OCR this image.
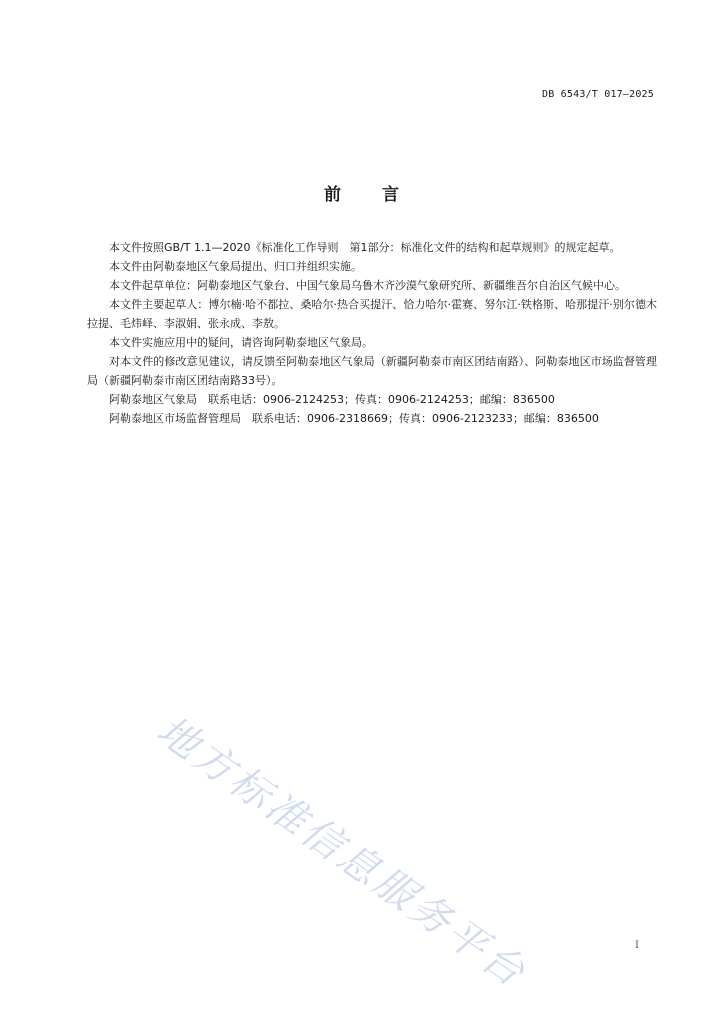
DB 6543/T 017—2025
前 言

本文件按照GB/T 1.1—2020《标准化工作导则　第1部分：标准化文件的结构和起草规则》的规定起草。

本文件由阿勒泰地区气象局提出、归口并组织实施。

本文件起草单位：阿勒泰地区气象台、中国气象局乌鲁木齐沙漠气象研究所、新疆维吾尔自治区气候中心。

本文件主要起草人：博尔楠·哈不都拉、桑哈尔·热合买提汗、恰力哈尔·霍赛、努尔江·铁格斯、哈那提汗·别尔德木拉提、毛炜峄、李淑娟、张永成、李敖。

本文件实施应用中的疑问，请咨询阿勒泰地区气象局。

对本文件的修改意见建议，请反馈至阿勒泰地区气象局（新疆阿勒泰市南区团结南路）、阿勒泰地区市场监督管理局（新疆阿勒泰市南区团结南路33号）。

阿勒泰地区气象局　联系电话：0906-2124253；传真：0906-2124253；邮编：836500

阿勒泰地区市场监督管理局　联系电话：0906-2318669；传真：0906-2123233；邮编：836500

地方标准信息服务平台	I
